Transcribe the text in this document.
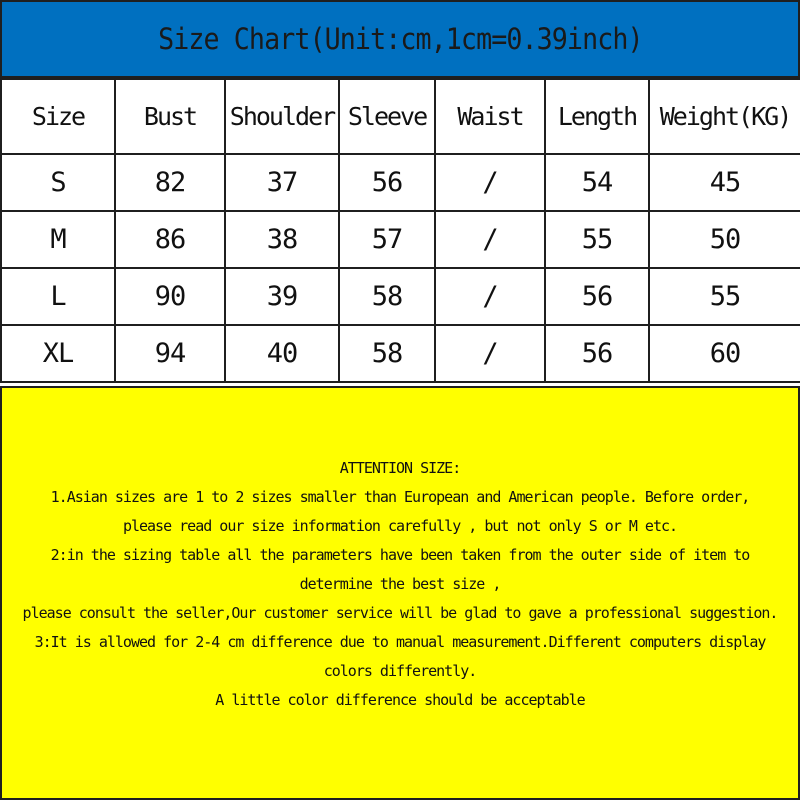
Size Chart(Unit:cm,1cm=0.39inch)
Size	Bust	Shoulder	Sleeve	Waist	Length	Weight(KG)
S	82	37	56	/	54	45
M	86	38	57	/	55	50
L	90	39	58	/	56	55
XL	94	40	58	/	56	60
ATTENTION SIZE:
1.Asian sizes are 1 to 2 sizes smaller than European and American people. Before order,
please read our size information carefully , but not only S or M etc.
2:in the sizing table all the parameters have been taken from the outer side of item to
determine the best size ,
please consult the seller,Our customer service will be glad to gave a professional suggestion.
3:It is allowed for 2-4 cm difference due to manual measurement.Different computers display
colors differently.
A little color difference should be acceptable
